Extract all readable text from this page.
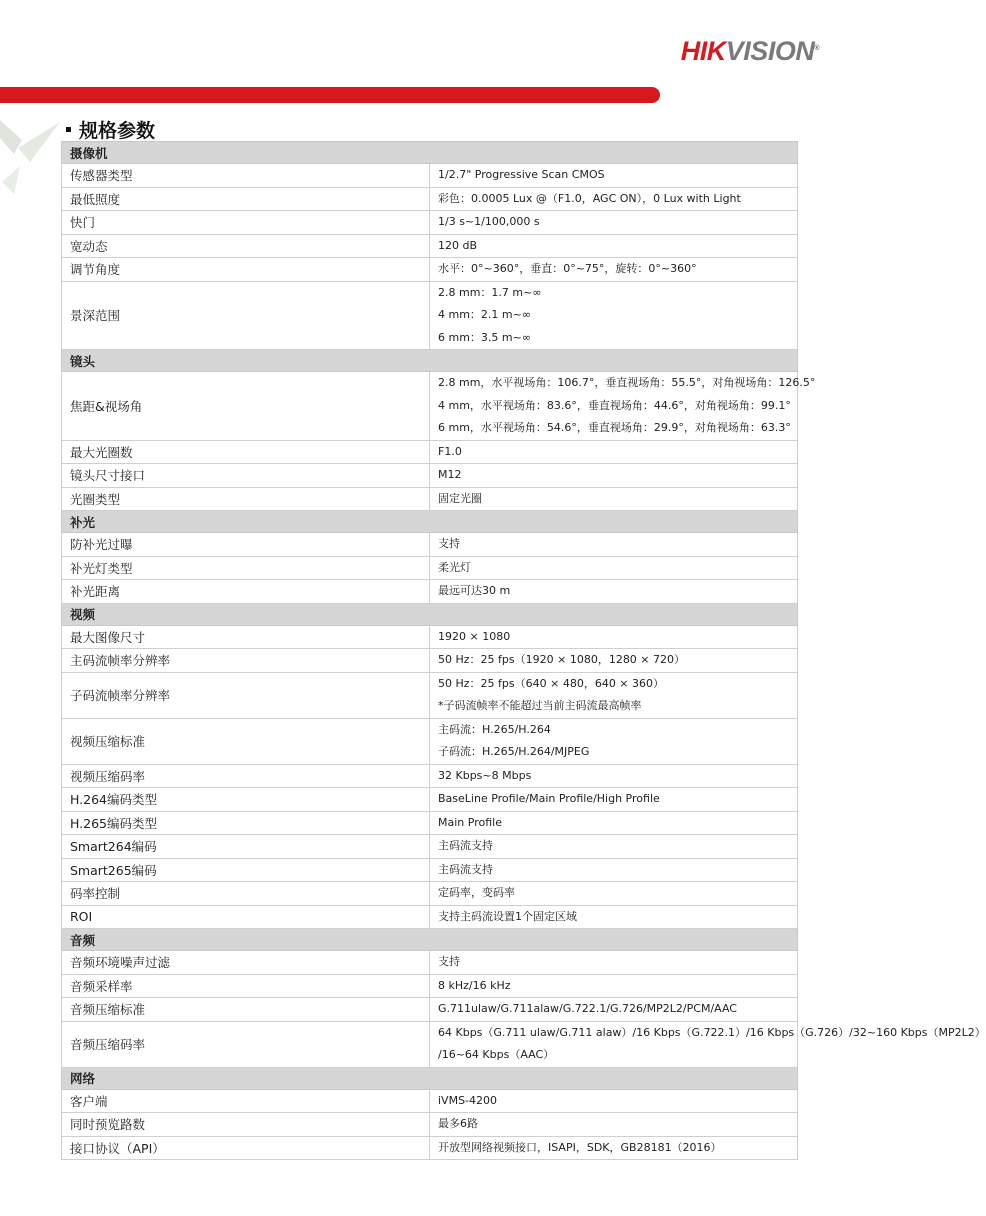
HIKVISION®
规格参数
摄像机	
传感器类型	1/2.7" Progressive Scan CMOS

最低照度	彩色：0.0005 Lux @（F1.0，AGC ON），0 Lux with Light

快门	1/3 s~1/100,000 s

宽动态	120 dB

调节角度	水平：0°~360°，垂直：0°~75°，旋转：0°~360°

景深范围	2.8 mm：1.7 m~∞
4 mm：2.1 m~∞
6 mm：3.5 m~∞

镜头	
焦距&视场角	2.8 mm，水平视场角：106.7°，垂直视场角：55.5°，对角视场角：126.5°
4 mm，水平视场角：83.6°，垂直视场角：44.6°，对角视场角：99.1°
6 mm，水平视场角：54.6°，垂直视场角：29.9°，对角视场角：63.3°

最大光圈数	F1.0

镜头尺寸接口	M12

光圈类型	固定光圈

补光	
防补光过曝	支持

补光灯类型	柔光灯

补光距离	最远可达30 m

视频	
最大图像尺寸	1920 × 1080

主码流帧率分辨率	50 Hz：25 fps（1920 × 1080，1280 × 720）

子码流帧率分辨率	50 Hz：25 fps（640 × 480，640 × 360）
*子码流帧率不能超过当前主码流最高帧率

视频压缩标准	主码流：H.265/H.264
子码流：H.265/H.264/MJPEG

视频压缩码率	32 Kbps~8 Mbps

H.264编码类型	BaseLine Profile/Main Profile/High Profile

H.265编码类型	Main Profile

Smart264编码	主码流支持

Smart265编码	主码流支持

码率控制	定码率，变码率

ROI	支持主码流设置1个固定区域

音频	
音频环境噪声过滤	支持

音频采样率	8 kHz/16 kHz

音频压缩标准	G.711ulaw/G.711alaw/G.722.1/G.726/MP2L2/PCM/AAC

音频压缩码率	64 Kbps（G.711 ulaw/G.711 alaw）/16 Kbps（G.722.1）/16 Kbps（G.726）/32~160 Kbps（MP2L2）
/16~64 Kbps（AAC）

网络	
客户端	iVMS-4200

同时预览路数	最多6路

接口协议（API）	开放型网络视频接口，ISAPI，SDK，GB28181（2016）
